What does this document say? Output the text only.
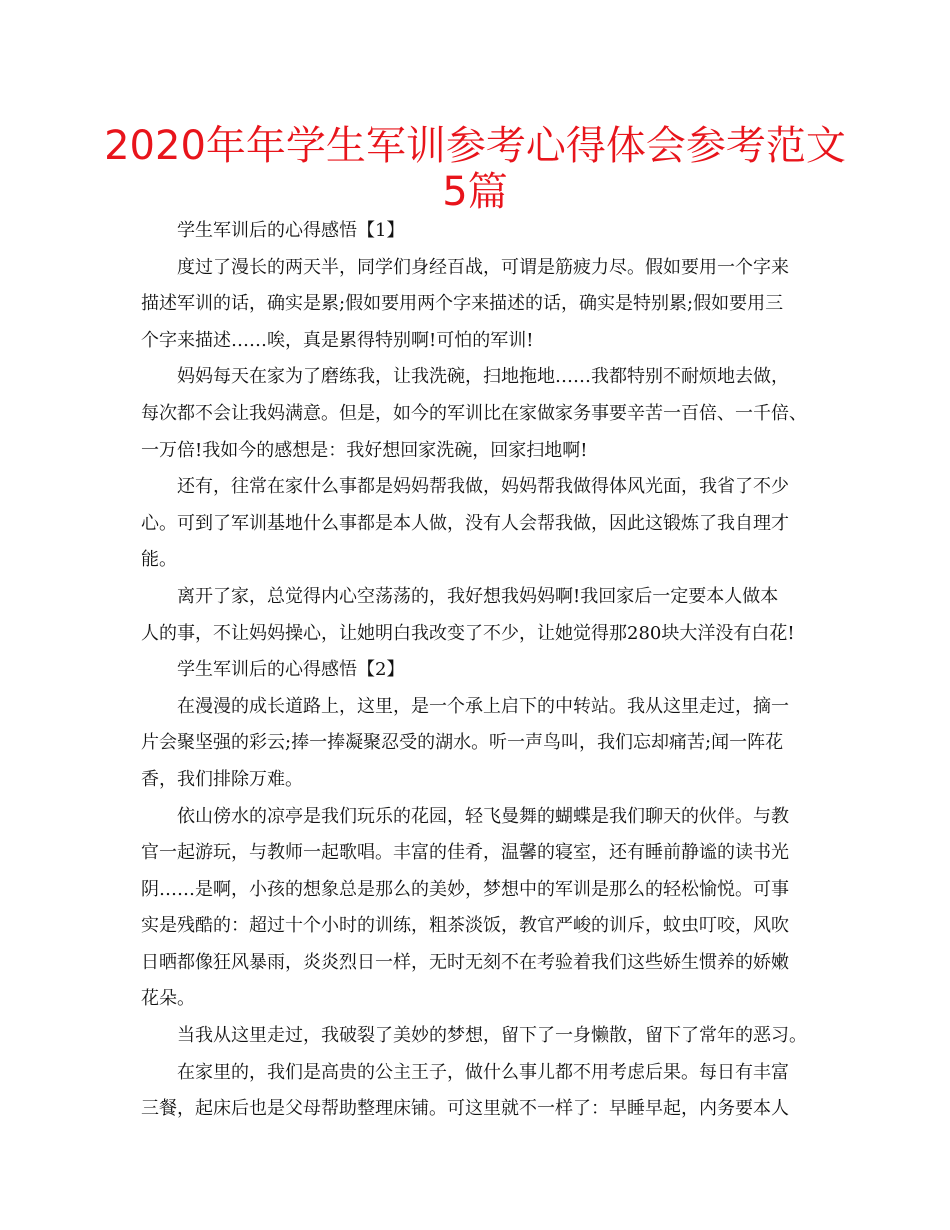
2020年年学生军训参考心得体会参考范文
5篇
学生军训后的心得感悟【1】
度过了漫长的两天半，同学们身经百战，可谓是筋疲力尽。假如要用一个字来
描述军训的话，确实是累;假如要用两个字来描述的话，确实是特别累;假如要用三
个字来描述……唉，真是累得特别啊!可怕的军训!
妈妈每天在家为了磨练我，让我洗碗，扫地拖地……我都特别不耐烦地去做，
每次都不会让我妈满意。但是，如今的军训比在家做家务事要辛苦一百倍、一千倍、
一万倍!我如今的感想是：我好想回家洗碗，回家扫地啊!
还有，往常在家什么事都是妈妈帮我做，妈妈帮我做得体风光面，我省了不少
心。可到了军训基地什么事都是本人做，没有人会帮我做，因此这锻炼了我自理才
能。
离开了家，总觉得内心空荡荡的，我好想我妈妈啊!我回家后一定要本人做本
人的事，不让妈妈操心，让她明白我改变了不少，让她觉得那280块大洋没有白花!
学生军训后的心得感悟【2】
在漫漫的成长道路上，这里，是一个承上启下的中转站。我从这里走过，摘一
片会聚坚强的彩云;捧一捧凝聚忍受的湖水。听一声鸟叫，我们忘却痛苦;闻一阵花
香，我们排除万难。
依山傍水的凉亭是我们玩乐的花园，轻飞曼舞的蝴蝶是我们聊天的伙伴。与教
官一起游玩，与教师一起歌唱。丰富的佳肴，温馨的寝室，还有睡前静谧的读书光
阴……是啊，小孩的想象总是那么的美妙，梦想中的军训是那么的轻松愉悦。可事
实是残酷的：超过十个小时的训练，粗茶淡饭，教官严峻的训斥，蚊虫叮咬，风吹
日晒都像狂风暴雨，炎炎烈日一样，无时无刻不在考验着我们这些娇生惯养的娇嫩
花朵。
当我从这里走过，我破裂了美妙的梦想，留下了一身懒散，留下了常年的恶习。
在家里的，我们是高贵的公主王子，做什么事儿都不用考虑后果。每日有丰富
三餐，起床后也是父母帮助整理床铺。可这里就不一样了：早睡早起，内务要本人
